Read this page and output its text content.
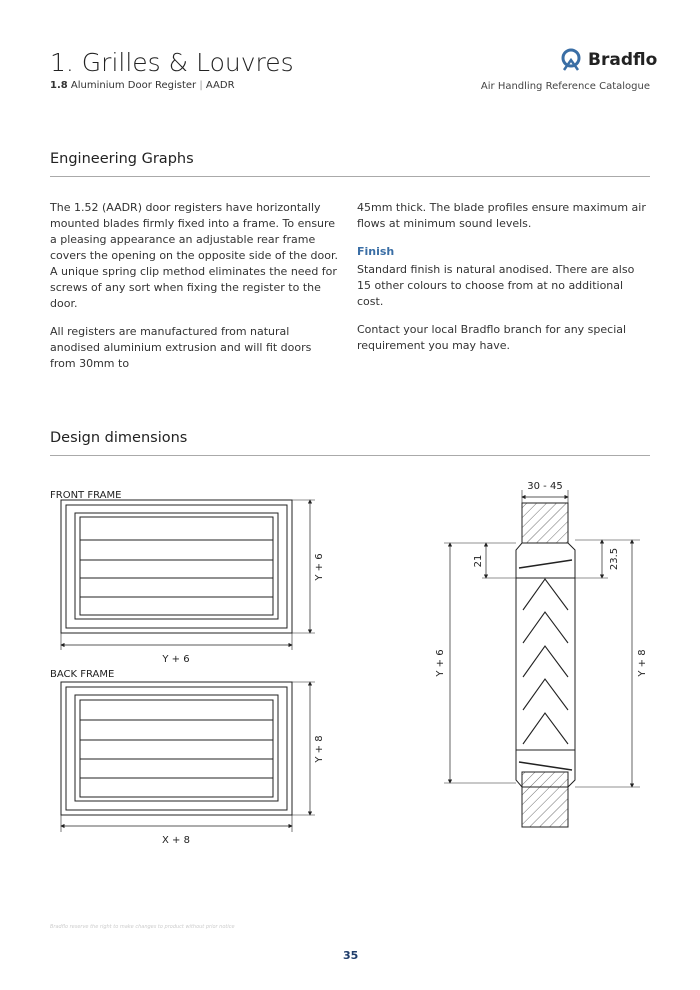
1. Grilles & Louvres
1.8 Aluminium Door Register | AADR
Bradflo
Air Handling Reference Catalogue
Engineering Graphs

The 1.52 (AADR) door registers have horizontally mounted blades firmly fixed into a frame. To ensure a pleasing appearance an adjustable rear frame covers the opening on the opposite side of the door. A unique spring clip method eliminates the need for screws of any sort when fixing the register to the door.

All registers are manufactured from natural anodised aluminium extrusion and will fit doors from 30mm to

45mm thick. The blade profiles ensure maximum air flows at minimum sound levels.

Finish

Standard finish is natural anodised. There are also 15 other colours to choose from at no additional cost.

Contact your local Bradflo branch for any special requirement you may have.

Design dimensions
FRONT FRAME
Y + 6
Y + 6
BACK FRAME
Y + 8
X + 8
30 - 45
Y + 6
21	23.5
Y + 8
Bradflo reserve the right to make changes to product without prior notice
35
